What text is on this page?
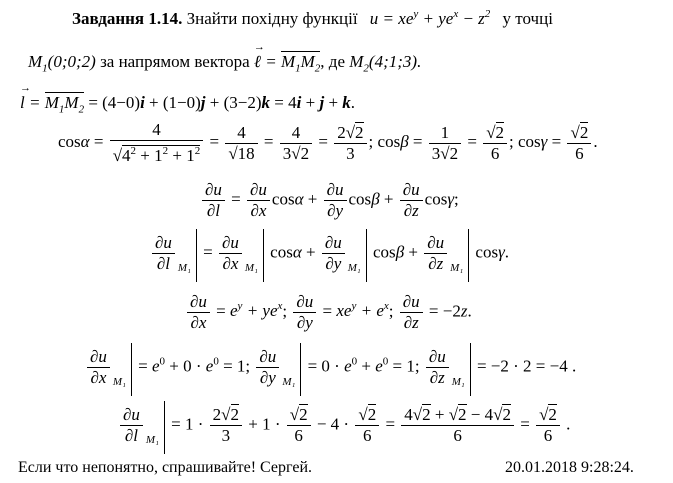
Завдання 1.14. Знайти похідну функції $u = xe^y + ye^x - z^2$ у точці
$M_1(0;0;2)$ за напрямом вектора → ℓ = $M_1M_2$, де $M_2(4;1;3)$.
→ $l = M_1M_2 = (4-0)i + (1-0)j + (3-2)k = 4i + j + k$.
$\cos\alpha = \frac{4}{√4^2 + 1^2 + 1^2} = \frac{4}{√18} = \frac{4}{3√2} = \frac{2√2}{3}$ ; $\cos\beta = \frac{1}{3√2} = \frac{√2}{6}$ ; $\cos\gamma = \frac{√2}{6}$ .
$\frac{\partial u}{\partial l} = \frac{\partial u}{\partial x}$ $\cos\alpha + \frac{\partial u}{\partial y}$ $\cos\beta + \frac{\partial u}{\partial z} \cos\gamma$;
$\frac{\partial u}{\partial l} _{M_1} = \frac{\partial u}{\partial x} _{M_1}$ $\cos\alpha + \frac{\partial u}{\partial y} _{M_1}$ $\cos\beta + \frac{\partial u}{\partial z} _{M_1}$ cosγ.
$\frac{\partial u}{\partial x} = e^y + ye^x$; $\frac{\partial u}{\partial y} = xe^y + e^x$; $\frac{\partial u}{\partial z} = -2z$.
$\frac{\partial u}{\partial x} _{M_1} = e^0 + 0 \cdot e^0 = 1$; $\frac{\partial u}{\partial y} _{M_1} = 0 \cdot e^0 + e^0 = 1$; $\frac{\partial u}{\partial z} _{M_1} = -2 \cdot 2 = -4$ .
$\frac{\partial u}{\partial l} _{M_1} = 1 \cdot \frac{2√2}{3} + 1 \cdot \frac{√2}{6} - 4 \cdot \frac{√2}{6} = \frac{4√2 + √2 - 4√2}{6} = \frac{√2}{6}$ .
Если что непонятно, спрашивайте! Сергей.	20.01.2018 9:28:24.
